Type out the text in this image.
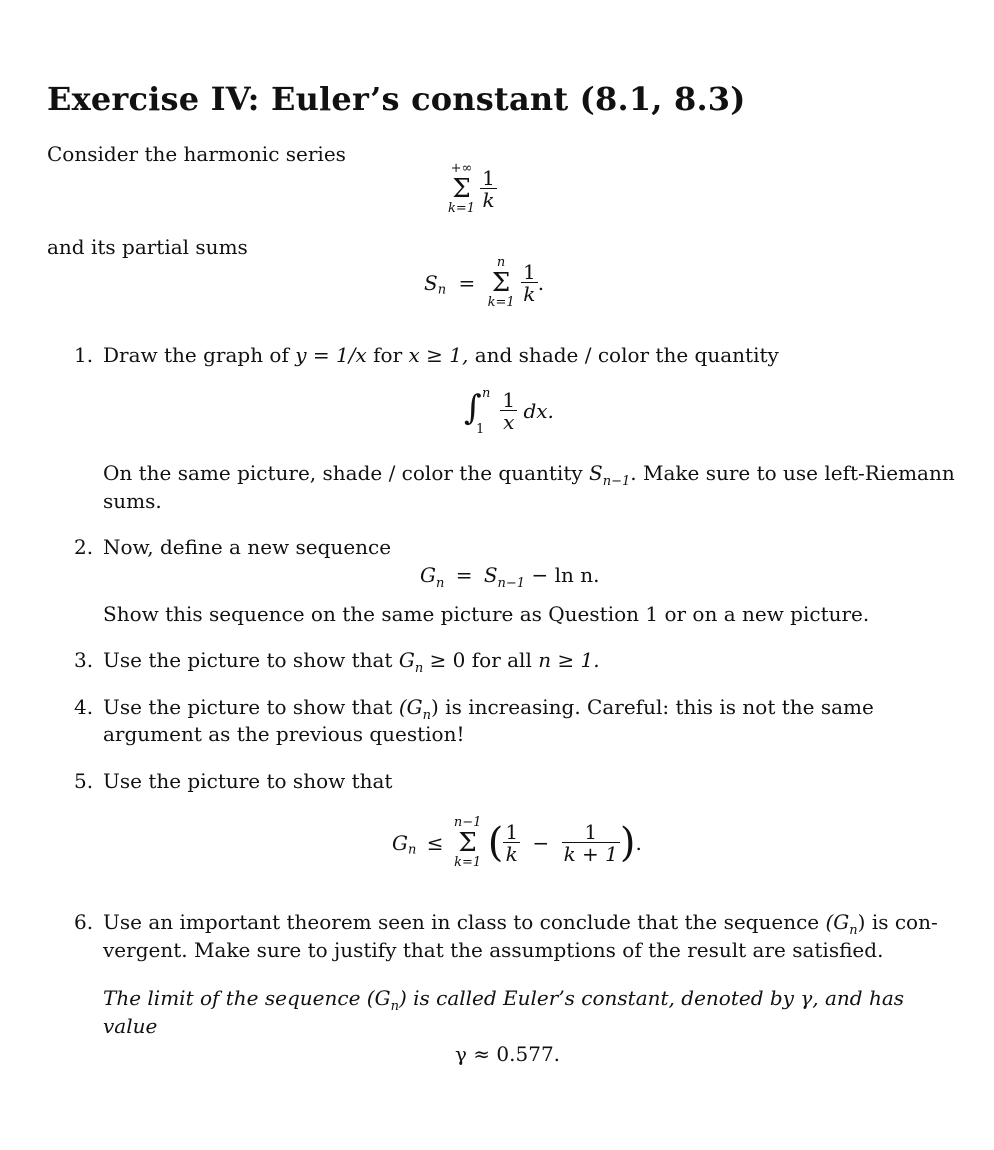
Exercise IV: Euler’s constant (8.1, 8.3)
Consider the harmonic series
+∞
Σ
k=1
$\frac{1}{k}$
and its partial sums
$S_n$ =
n
Σ
k=1
$\frac{1}{k}$ .
1. Draw the graph of y = 1/x for x ≥ 1, and shade / color the quantity
∫ n
1
$\frac{1}{x}$ dx.
On the same picture, shade / color the quantity $S_{n-1}$. Make sure to use left-Riemann
sums.
2. Now, define a new sequence
$G_n = S_{n-1} - \ln n$.
Show this sequence on the same picture as Question 1 or on a new picture.
3. Use the picture to show that $G_n \ge 0$ for all n ≥ 1.
4. Use the picture to show that $(G_n)$ is increasing. Careful: this is not the same
argument as the previous question!
5. Use the picture to show that
$G_n$ ≤
n−1
Σ
k=1 ( $\frac{1}{k} - \frac{1}{k + 1}$ ).
6. Use an important theorem seen in class to conclude that the sequence $(G_n)$ is con-
vergent. Make sure to justify that the assumptions of the result are satisfied.
The limit of the sequence $(G_n)$ is called Euler’s constant, denoted by γ, and has
value
γ ≈ 0.577.
